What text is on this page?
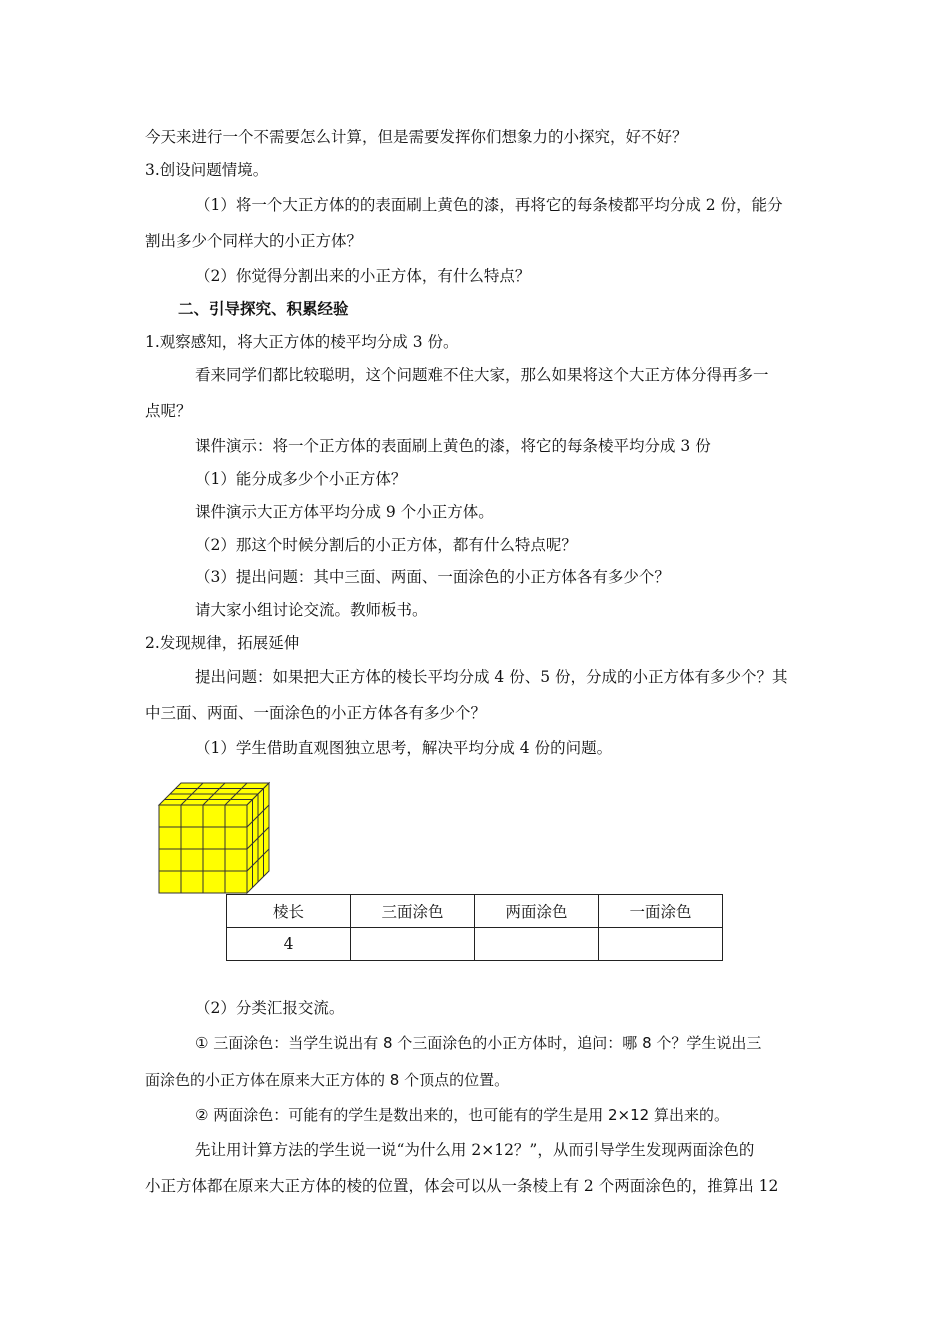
今天来进行一个不需要怎么计算，但是需要发挥你们想象力的小探究，好不好？
3.创设问题情境。
（1）将一个大正方体的的表面刷上黄色的漆，再将它的每条棱都平均分成 2 份，能分
割出多少个同样大的小正方体？
（2）你觉得分割出来的小正方体，有什么特点？
二、引导探究、积累经验
1.观察感知，将大正方体的棱平均分成 3 份。
看来同学们都比较聪明，这个问题难不住大家，那么如果将这个大正方体分得再多一
点呢？
课件演示：将一个正方体的表面刷上黄色的漆，将它的每条棱平均分成 3 份
（1）能分成多少个小正方体？
课件演示大正方体平均分成 9 个小正方体。
（2）那这个时候分割后的小正方体，都有什么特点呢？
（3）提出问题：其中三面、两面、一面涂色的小正方体各有多少个？
请大家小组讨论交流。教师板书。
2.发现规律，拓展延伸
提出问题：如果把大正方体的棱长平均分成 4 份、5 份，分成的小正方体有多少个？其
中三面、两面、一面涂色的小正方体各有多少个？
（1）学生借助直观图独立思考，解决平均分成 4 份的问题。
棱长	三面涂色	两面涂色	一面涂色
4			
（2）分类汇报交流。
① 三面涂色：当学生说出有 8 个三面涂色的小正方体时，追问：哪 8 个？学生说出三
面涂色的小正方体在原来大正方体的 8 个顶点的位置。
② 两面涂色：可能有的学生是数出来的，也可能有的学生是用 2×12 算出来的。
先让用计算方法的学生说一说“为什么用 2×12？”，从而引导学生发现两面涂色的
小正方体都在原来大正方体的棱的位置，体会可以从一条棱上有 2 个两面涂色的，推算出 12
